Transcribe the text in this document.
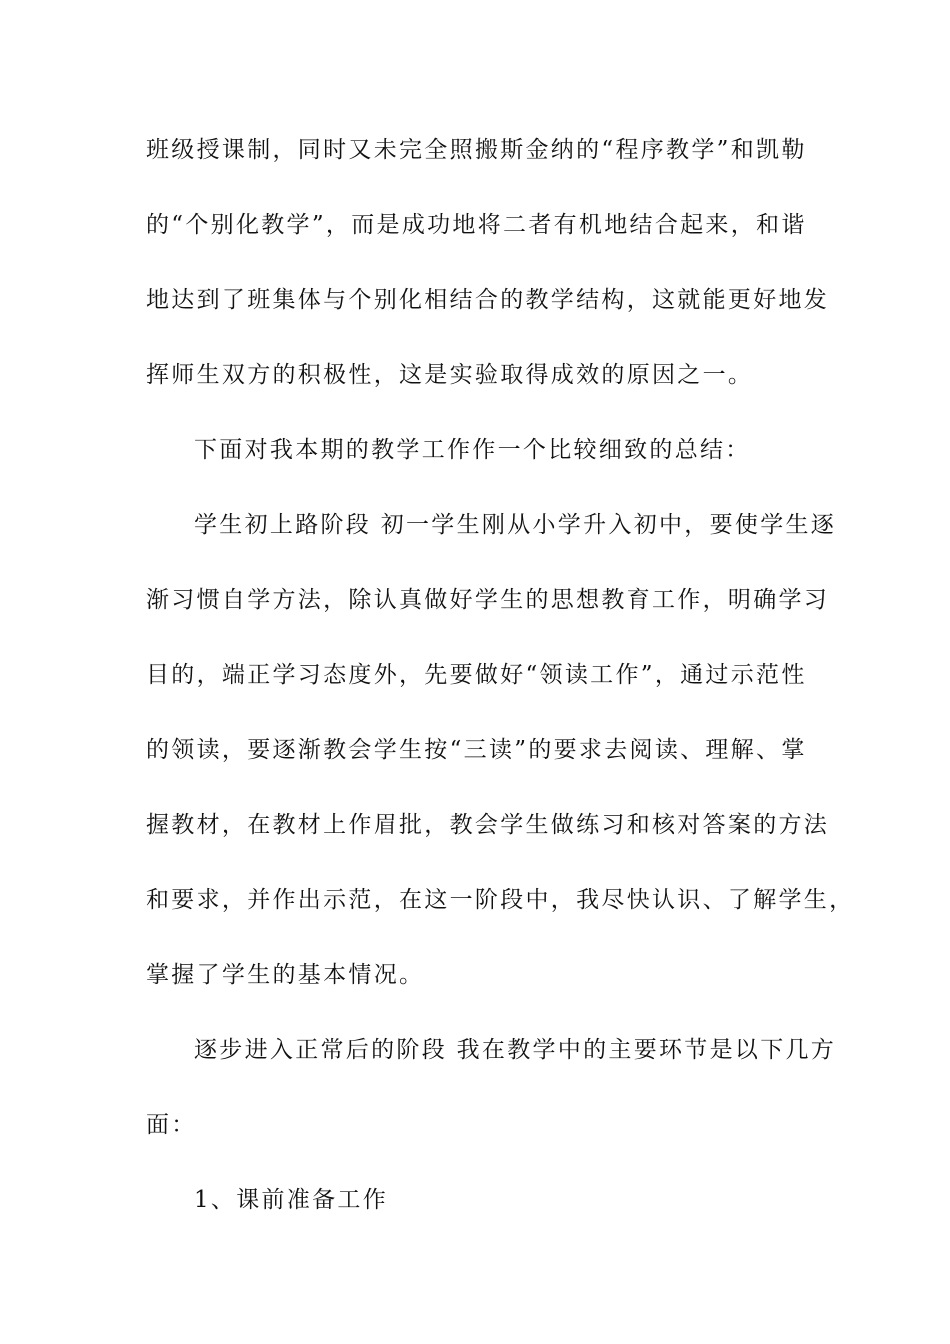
班级授课制，同时又未完全照搬斯金纳的“程序教学”和凯勒
的“个别化教学”，而是成功地将二者有机地结合起来，和谐
地达到了班集体与个别化相结合的教学结构，这就能更好地发
挥师生双方的积极性，这是实验取得成效的原因之一。
下面对我本期的教学工作作一个比较细致的总结：
学生初上路阶段 初一学生刚从小学升入初中，要使学生逐
渐习惯自学方法，除认真做好学生的思想教育工作，明确学习
目的，端正学习态度外，先要做好“领读工作”，通过示范性
的领读，要逐渐教会学生按“三读”的要求去阅读、理解、掌
握教材，在教材上作眉批，教会学生做练习和核对答案的方法
和要求，并作出示范，在这一阶段中，我尽快认识、了解学生，
掌握了学生的基本情况。
逐步进入正常后的阶段 我在教学中的主要环节是以下几方
面：
1、课前准备工作
